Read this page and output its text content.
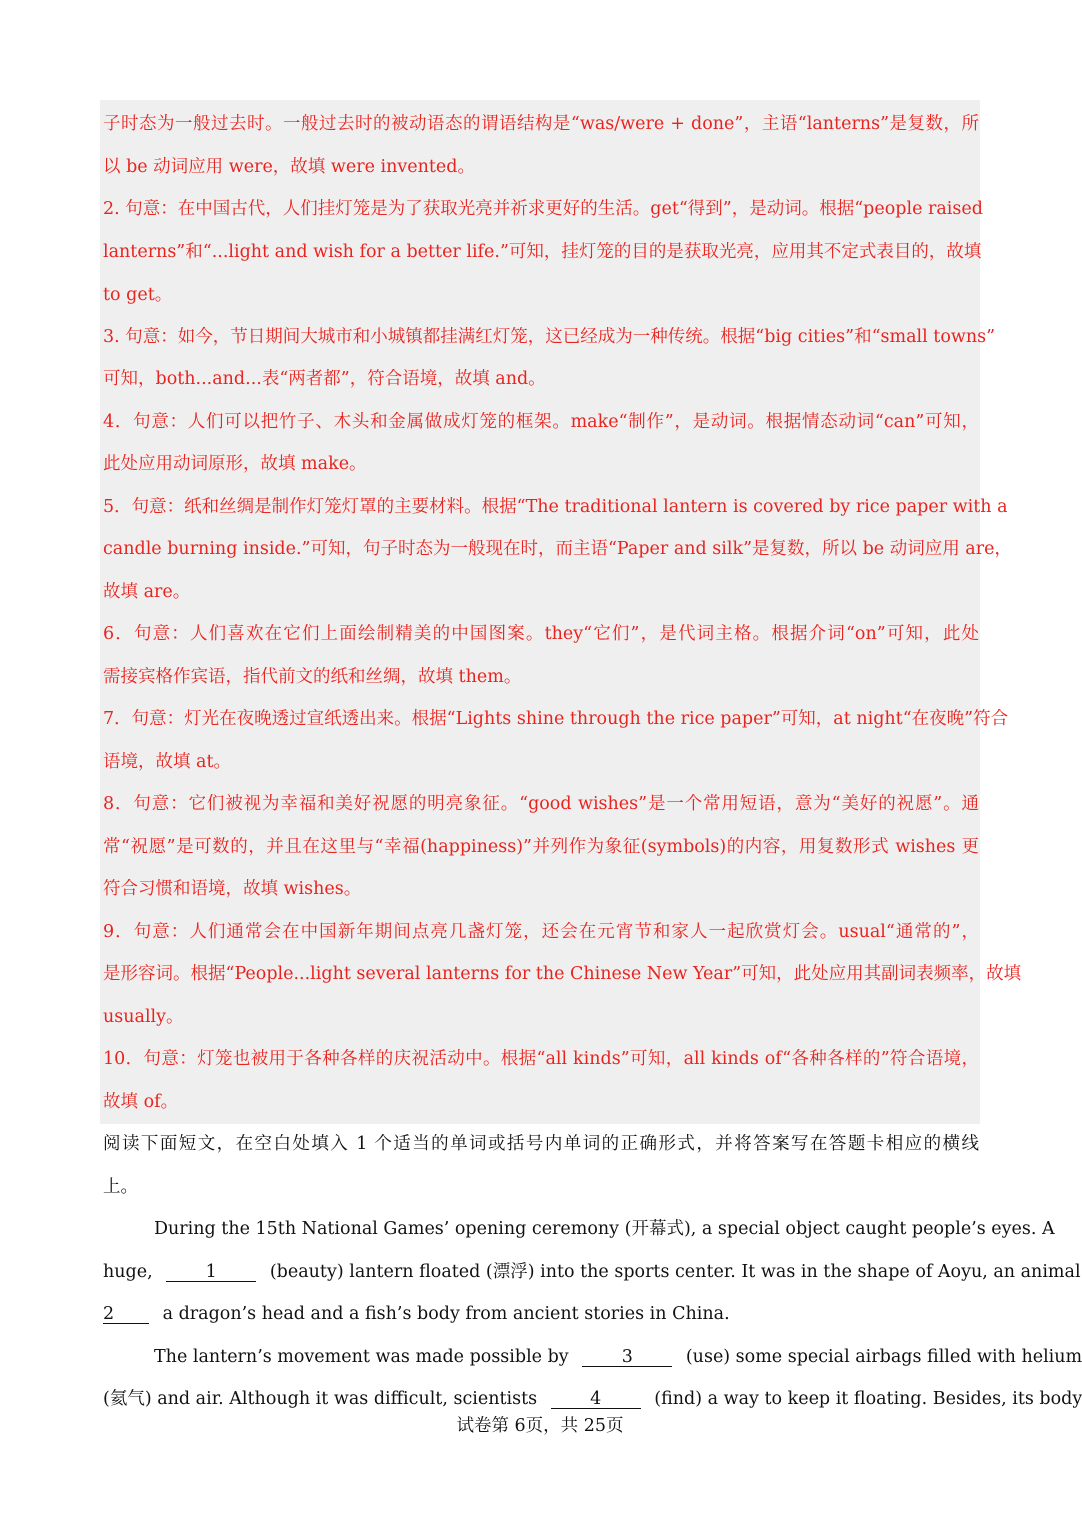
子时态为一般过去时。一般过去时的被动语态的谓语结构是“was/were + done”，主语“lanterns”是复数，所
以 be 动词应用 were，故填 were invented。
2. 句意：在中国古代，人们挂灯笼是为了获取光亮并祈求更好的生活。get“得到”，是动词。根据“people raised
lanterns”和“...light and wish for a better life.”可知，挂灯笼的目的是获取光亮，应用其不定式表目的，故填
to get。
3. 句意：如今，节日期间大城市和小城镇都挂满红灯笼，这已经成为一种传统。根据“big cities”和“small towns”
可知，both...and...表“两者都”，符合语境，故填 and。
4．句意：人们可以把竹子、木头和金属做成灯笼的框架。make“制作”，是动词。根据情态动词“can”可知，
此处应用动词原形，故填 make。
5．句意：纸和丝绸是制作灯笼灯罩的主要材料。根据“The traditional lantern is covered by rice paper with a
candle burning inside.”可知，句子时态为一般现在时，而主语“Paper and silk”是复数，所以 be 动词应用 are，
故填 are。
6．句意：人们喜欢在它们上面绘制精美的中国图案。they“它们”，是代词主格。根据介词“on”可知，此处
需接宾格作宾语，指代前文的纸和丝绸，故填 them。
7．句意：灯光在夜晚透过宣纸透出来。根据“Lights shine through the rice paper”可知，at night“在夜晚”符合
语境，故填 at。
8．句意：它们被视为幸福和美好祝愿的明亮象征。“good wishes”是一个常用短语，意为“美好的祝愿”。通
常“祝愿”是可数的，并且在这里与“幸福(happiness)”并列作为象征(symbols)的内容，用复数形式 wishes 更
符合习惯和语境，故填 wishes。
9．句意：人们通常会在中国新年期间点亮几盏灯笼，还会在元宵节和家人一起欣赏灯会。usual“通常的”，
是形容词。根据“People...light several lanterns for the Chinese New Year”可知，此处应用其副词表频率，故填
usually。
10．句意：灯笼也被用于各种各样的庆祝活动中。根据“all kinds”可知，all kinds of“各种各样的”符合语境，
故填 of。
阅读下面短文，在空白处填入 1 个适当的单词或括号内单词的正确形式，并将答案写在答题卡相应的横线
上。
During the 15th National Games’ opening ceremony (开幕式), a special object caught people’s eyes. A
huge,	1	(beauty) lantern floated (漂浮) into the sports center. It was in the shape of Aoyu, an animal
2	a dragon’s head and a fish’s body from ancient stories in China.
The lantern’s movement was made possible by	3	(use) some special airbags filled with helium
(氦气) and air. Although it was difficult, scientists	4	(find) a way to keep it floating. Besides, its body
试卷第 6页，共 25页
